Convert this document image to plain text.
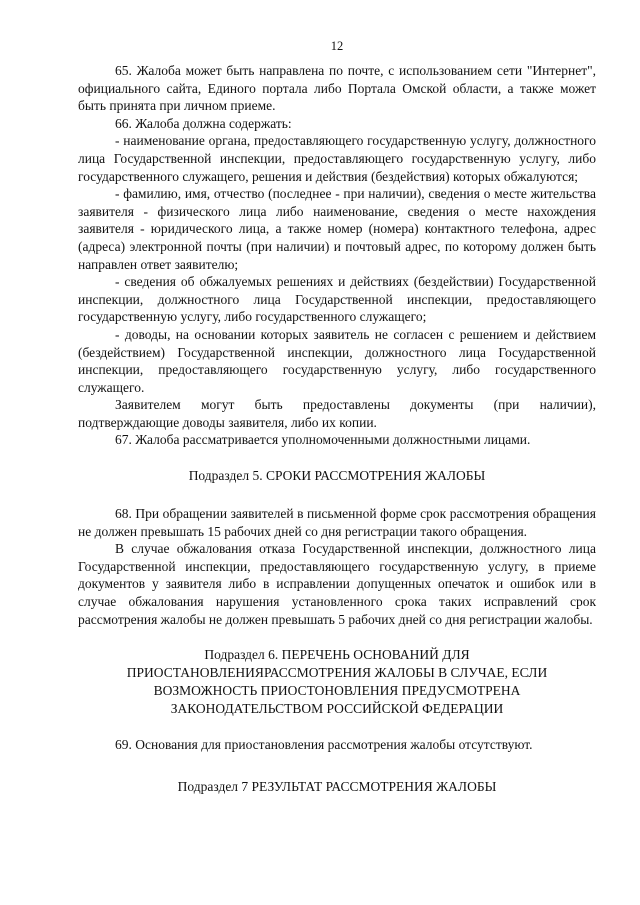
12

65. Жалоба может быть направлена по почте, с использованием сети "Интернет", официального сайта, Единого портала либо Портала Омской области, а также может быть принята при личном приеме.

66. Жалоба должна содержать:

- наименование органа, предоставляющего государственную услугу, должностного лица Государственной инспекции, предоставляющего государственную услугу, либо государственного служащего, решения и действия (бездействия) которых обжалуются;

- фамилию, имя, отчество (последнее - при наличии), сведения о месте жительства заявителя - физического лица либо наименование, сведения о месте нахождения заявителя - юридического лица, а также номер (номера) контактного телефона, адрес (адреса) электронной почты (при наличии) и почтовый адрес, по которому должен быть направлен ответ заявителю;

- сведения об обжалуемых решениях и действиях (бездействии) Государственной инспекции, должностного лица Государственной инспекции, предоставляющего государственную услугу, либо государственного служащего;

- доводы, на основании которых заявитель не согласен с решением и действием (бездействием) Государственной инспекции, должностного лица Государственной инспекции, предоставляющего государственную услугу, либо государственного служащего.

Заявителем могут быть предоставлены документы (при наличии), подтверждающие доводы заявителя, либо их копии.

67. Жалоба рассматривается уполномоченными должностными лицами.

Подраздел 5. СРОКИ РАССМОТРЕНИЯ ЖАЛОБЫ

68. При обращении заявителей в письменной форме срок рассмотрения обращения не должен превышать 15 рабочих дней со дня регистрации такого обращения.

В случае обжалования отказа Государственной инспекции, должностного лица Государственной инспекции, предоставляющего государственную услугу, в приеме документов у заявителя либо в исправлении допущенных опечаток и ошибок или в случае обжалования нарушения установленного срока таких исправлений срок рассмотрения жалобы не должен превышать 5 рабочих дней со дня регистрации жалобы.

Подраздел 6. ПЕРЕЧЕНЬ ОСНОВАНИЙ ДЛЯ ПРИОСТАНОВЛЕНИЯРАССМОТРЕНИЯ ЖАЛОБЫ В СЛУЧАЕ, ЕСЛИ ВОЗМОЖНОСТЬ ПРИОСТОНОВЛЕНИЯ ПРЕДУСМОТРЕНА ЗАКОНОДАТЕЛЬСТВОМ РОССИЙСКОЙ ФЕДЕРАЦИИ

69. Основания для приостановления рассмотрения жалобы отсутствуют.

Подраздел 7 РЕЗУЛЬТАТ РАССМОТРЕНИЯ ЖАЛОБЫ
